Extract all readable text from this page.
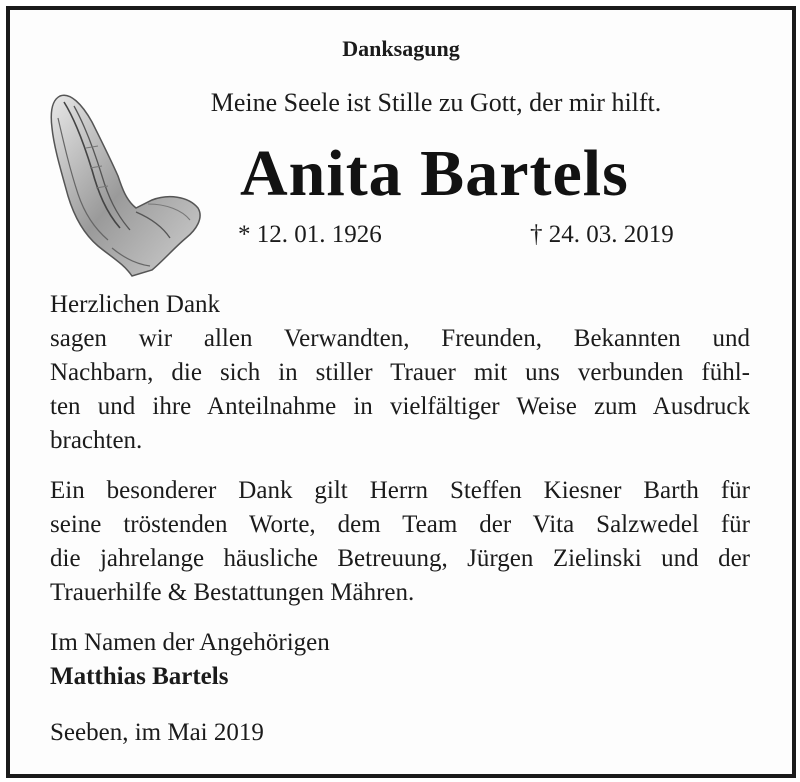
Danksagung
Meine Seele ist Stille zu Gott, der mir hilft.
Anita Bartels
* 12. 01. 1926	† 24. 03. 2019
Herzlichen Dank
sagen wir allen Verwandten, Freunden, Bekannten und
Nachbarn, die sich in stiller Trauer mit uns verbunden fühl-
ten und ihre Anteilnahme in vielfältiger Weise zum Ausdruck
brachten.
Ein besonderer Dank gilt Herrn Steffen Kiesner Barth für
seine tröstenden Worte, dem Team der Vita Salzwedel für
die jahrelange häusliche Betreuung, Jürgen Zielinski und der
Trauerhilfe & Bestattungen Mähren.
Im Namen der Angehörigen
Matthias Bartels
Seeben, im Mai 2019
